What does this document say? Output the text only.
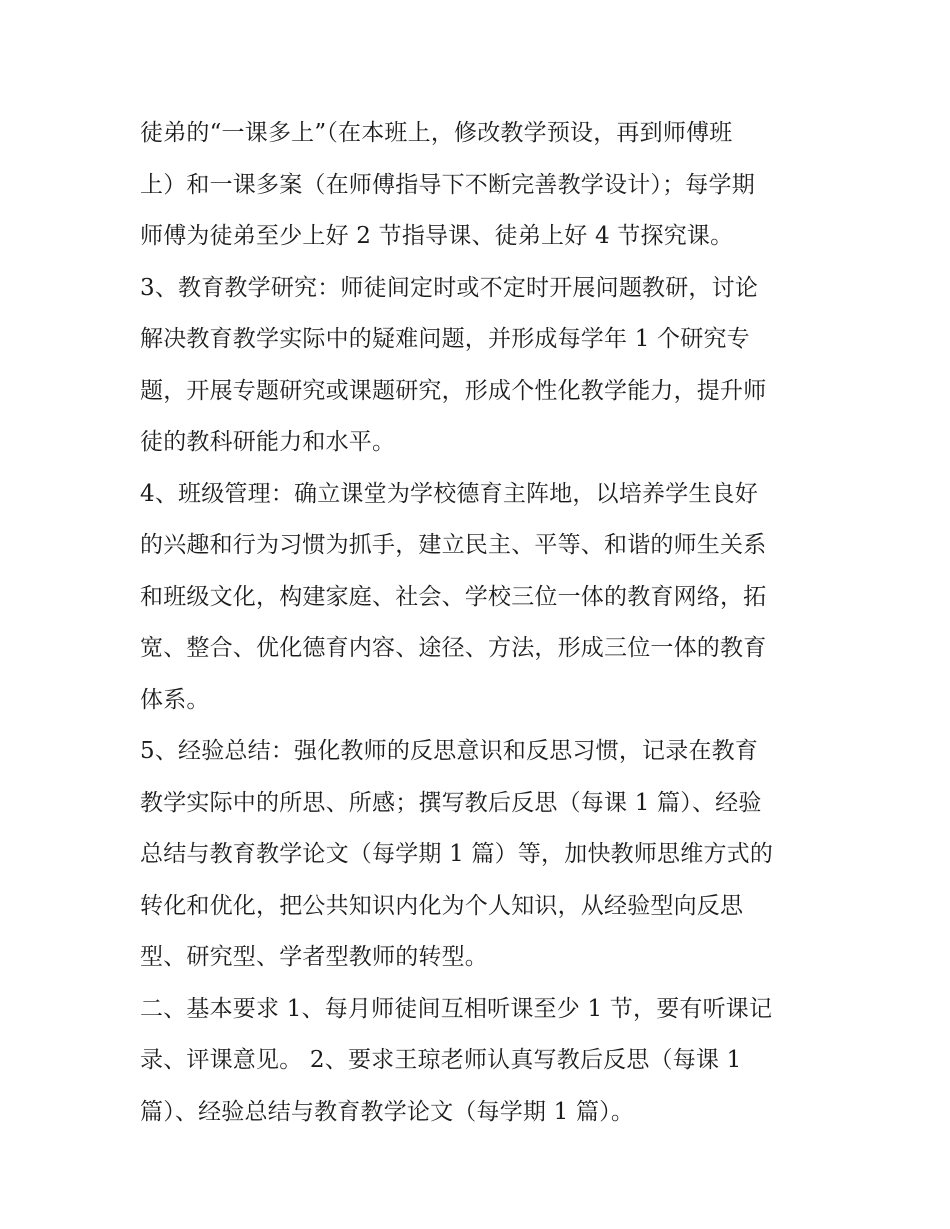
徒弟的“一课多上”（在本班上，修改教学预设，再到师傅班
上）和一课多案（在师傅指导下不断完善教学设计）；每学期
师傅为徒弟至少上好 2 节指导课、徒弟上好 4 节探究课。
3、教育教学研究：师徒间定时或不定时开展问题教研，讨论
解决教育教学实际中的疑难问题，并形成每学年 1 个研究专
题，开展专题研究或课题研究，形成个性化教学能力，提升师
徒的教科研能力和水平。
4、班级管理：确立课堂为学校德育主阵地，以培养学生良好
的兴趣和行为习惯为抓手，建立民主、平等、和谐的师生关系
和班级文化，构建家庭、社会、学校三位一体的教育网络，拓
宽、整合、优化德育内容、途径、方法，形成三位一体的教育
体系。
5、经验总结：强化教师的反思意识和反思习惯，记录在教育
教学实际中的所思、所感；撰写教后反思（每课 1 篇）、经验
总结与教育教学论文（每学期 1 篇）等，加快教师思维方式的
转化和优化，把公共知识内化为个人知识，从经验型向反思
型、研究型、学者型教师的转型。
二、基本要求 1、每月师徒间互相听课至少 1 节，要有听课记
录、评课意见。 2、要求王琼老师认真写教后反思（每课 1
篇）、经验总结与教育教学论文（每学期 1 篇）。
